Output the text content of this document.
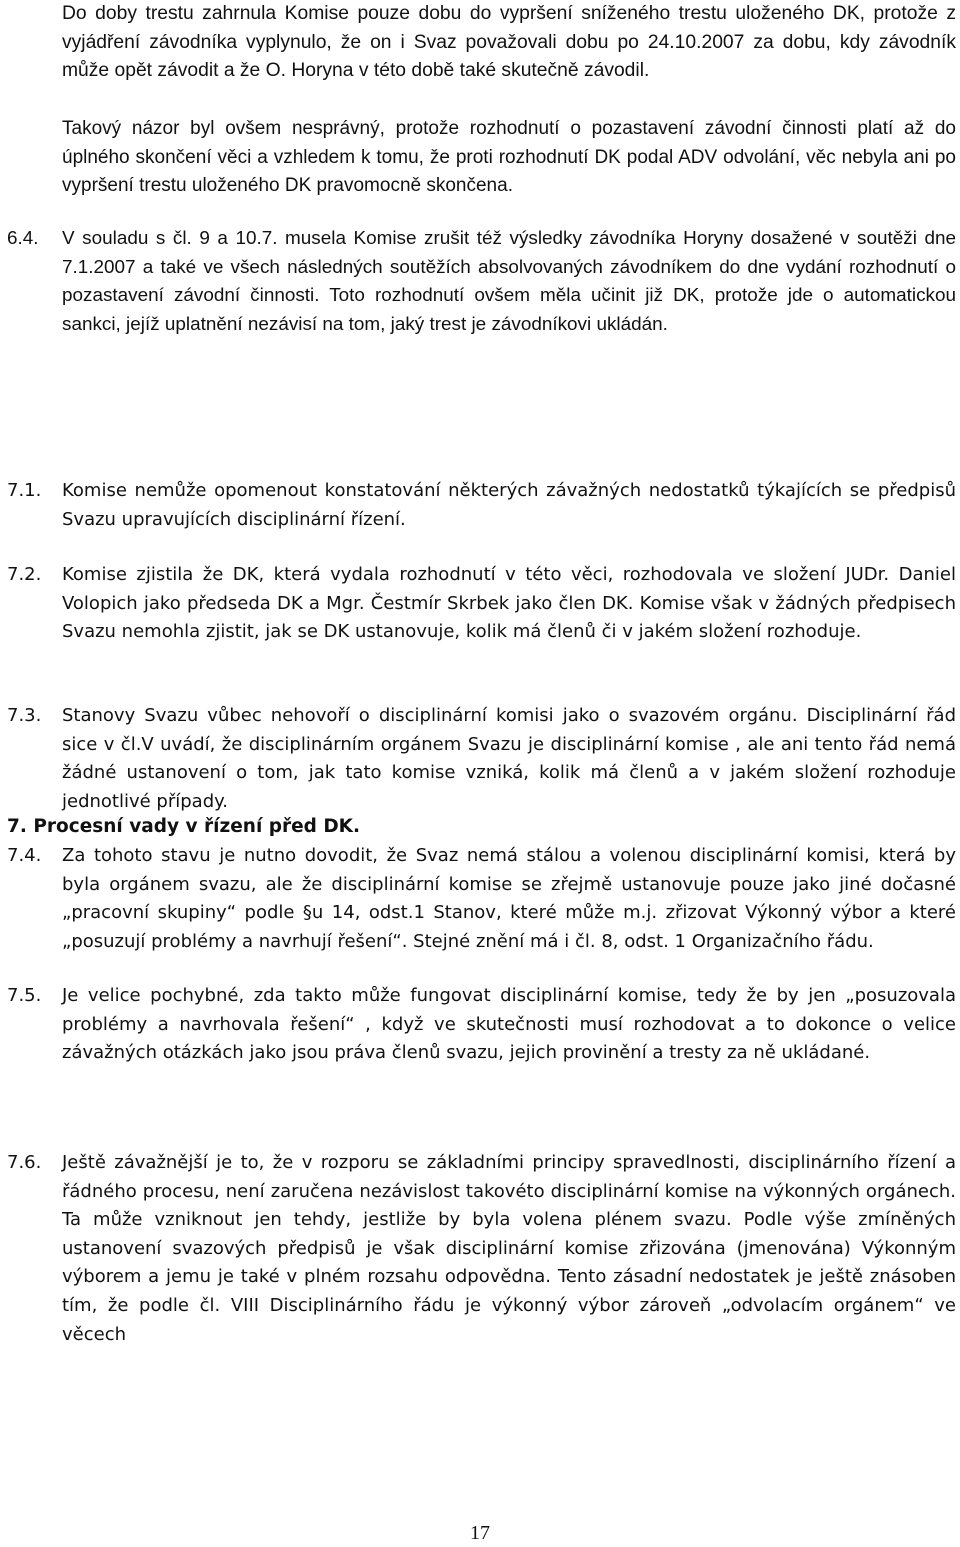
Do doby trestu zahrnula Komise pouze dobu do vypršení sníženého trestu uloženého DK, protože z vyjádření závodníka vyplynulo, že on i Svaz považovali dobu po 24.10.2007 za dobu, kdy závodník může opět závodit a že O. Horyna v této době také skutečně závodil.

Takový názor byl ovšem nesprávný, protože rozhodnutí o pozastavení závodní činnosti platí až do úplného skončení věci a vzhledem k tomu, že proti rozhodnutí DK podal ADV odvolání, věc nebyla ani po vypršení trestu uloženého DK pravomocně skončena.

6.4.	V souladu s čl. 9 a 10.7. musela Komise zrušit též výsledky závodníka Horyny dosažené v soutěži dne 7.1.2007 a také ve všech následných soutěžích absolvovaných závodníkem do dne vydání rozhodnutí o pozastavení závodní činnosti. Toto rozhodnutí ovšem měla učinit již DK, protože jde o automatickou sankci, jejíž uplatnění nezávisí na tom, jaký trest je závodníkovi ukládán.
7.1.	Komise nemůže opomenout konstatování některých závažných nedostatků týkajících se předpisů Svazu upravujících disciplinární řízení.
7.2.	Komise zjistila že DK, která vydala rozhodnutí v této věci, rozhodovala ve složení JUDr. Daniel Volopich jako předseda DK a Mgr. Čestmír Skrbek jako člen DK. Komise však v žádných předpisech Svazu nemohla zjistit, jak se DK ustanovuje, kolik má členů či v jakém složení rozhoduje.
7.3.	Stanovy Svazu vůbec nehovoří o disciplinární komisi jako o svazovém orgánu. Disciplinární řád sice v čl.V uvádí, že disciplinárním orgánem Svazu je disciplinární komise , ale ani tento řád nemá žádné ustanovení o tom, jak tato komise vzniká, kolik má členů a v jakém složení rozhoduje jednotlivé případy.
7. Procesní vady v řízení před DK.
7.4.	Za tohoto stavu je nutno dovodit, že Svaz nemá stálou a volenou disciplinární komisi, která by byla orgánem svazu, ale že disciplinární komise se zřejmě ustanovuje pouze jako jiné dočasné „pracovní skupiny“ podle §u 14, odst.1 Stanov, které může m.j. zřizovat Výkonný výbor a které „posuzují problémy a navrhují řešení“. Stejné znění má i čl. 8, odst. 1 Organizačního řádu.
7.5.	Je velice pochybné, zda takto může fungovat disciplinární komise, tedy že by jen „posuzovala problémy a navrhovala řešení“ , když ve skutečnosti musí rozhodovat a to dokonce o velice závažných otázkách jako jsou práva členů svazu, jejich provinění a tresty za ně ukládané.
7.6.	Ještě závažnější je to, že v rozporu se základními principy spravedlnosti, disciplinárního řízení a řádného procesu, není zaručena nezávislost takovéto disciplinární komise na výkonných orgánech. Ta může vzniknout jen tehdy, jestliže by byla volena plénem svazu. Podle výše zmíněných ustanovení svazových předpisů je však disciplinární komise zřizována (jmenována) Výkonným výborem a jemu je také v plném rozsahu odpovědna. Tento zásadní nedostatek je ještě znásoben tím, že podle čl. VIII Disciplinárního řádu je výkonný výbor zároveň „odvolacím orgánem“ ve věcech
17
